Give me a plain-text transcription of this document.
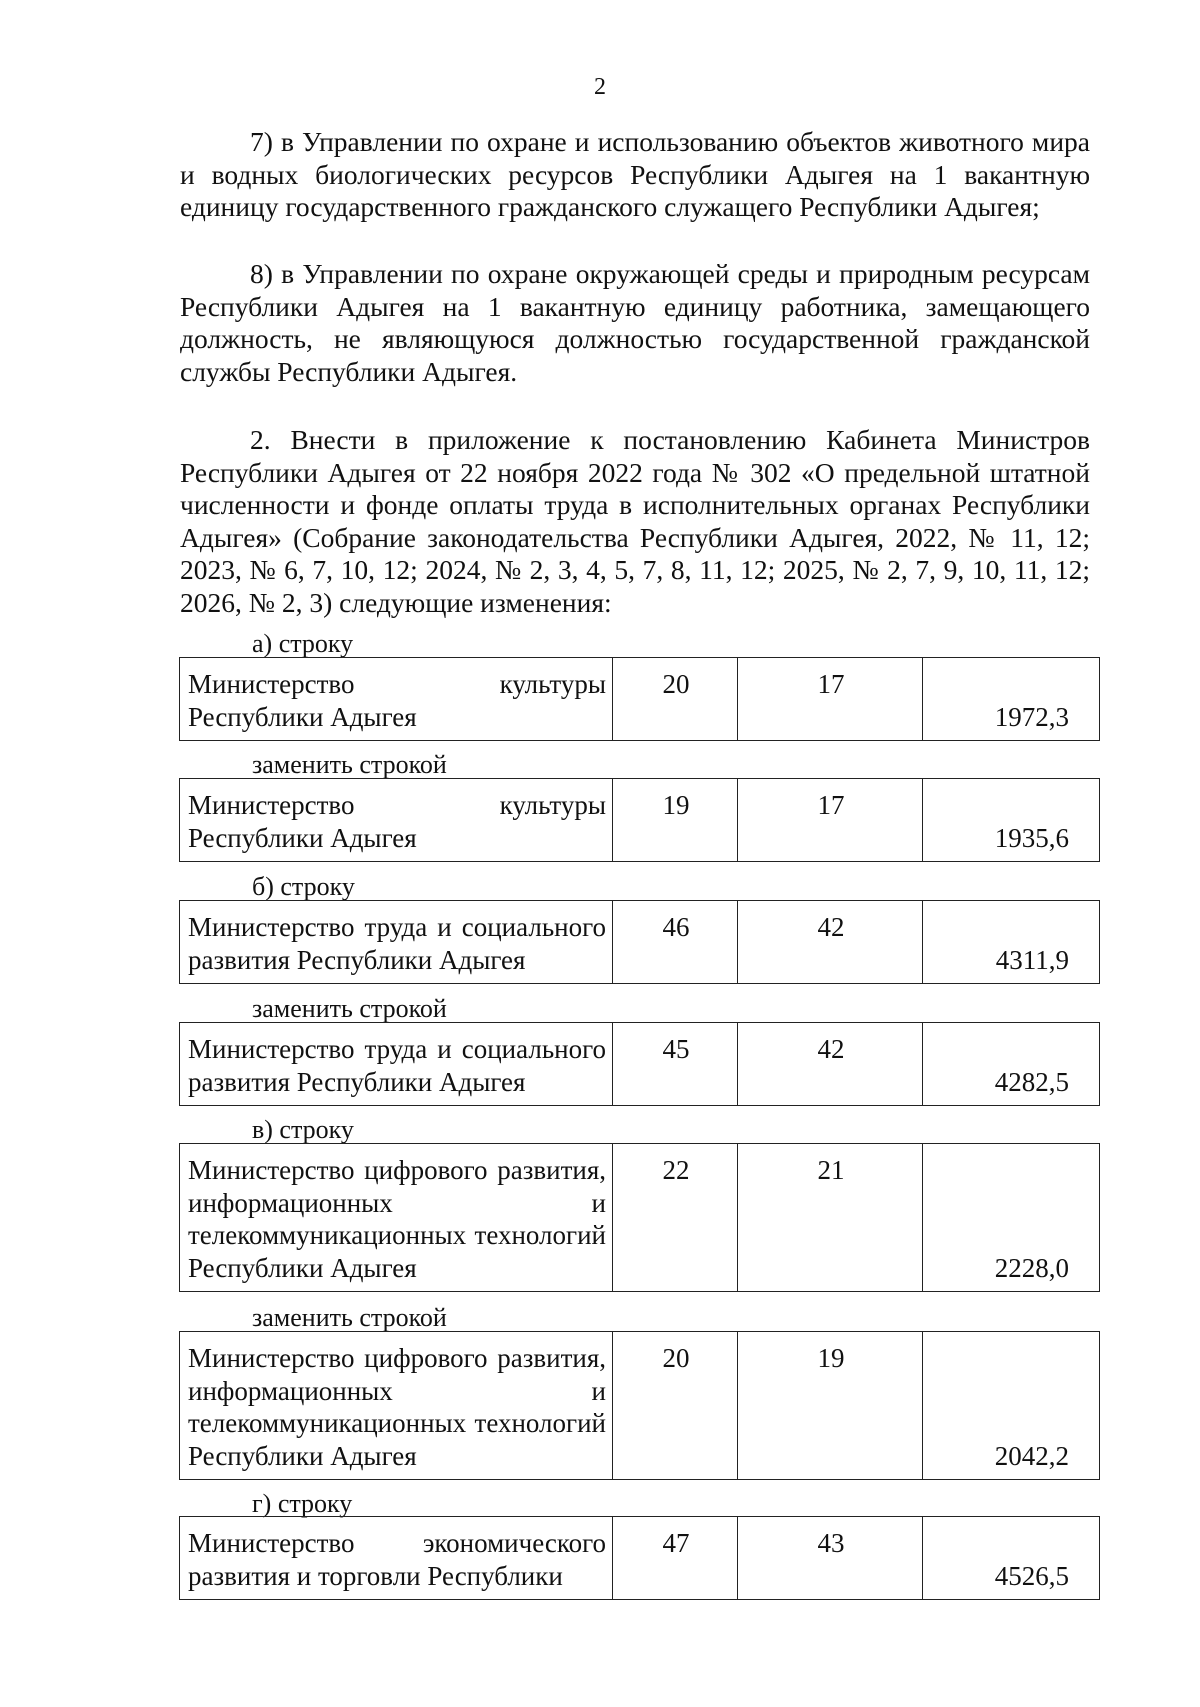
2

7) в Управлении по охране и использованию объектов животного мира и водных биологических ресурсов Республики Адыгея на 1 вакантную единицу государственного гражданского служащего Республики Адыгея;

8) в Управлении по охране окружающей среды и природным ресурсам Республики Адыгея на 1 вакантную единицу работника, замещающего должность, не являющуюся должностью государственной гражданской службы Республики Адыгея.

2. Внести в приложение к постановлению Кабинета Министров Республики Адыгея от 22 ноября 2022 года № 302 «О предельной штатной численности и фонде оплаты труда в исполнительных органах Республики Адыгея» (Собрание законодательства Республики Адыгея, 2022, № 11, 12; 2023, № 6, 7, 10, 12; 2024, № 2, 3, 4, 5, 7, 8, 11, 12; 2025, № 2, 7, 9, 10, 11, 12; 2026, № 2, 3) следующие изменения:

а) строку

Министерство культуры Республики Адыгея	20	17	1972,3

заменить строкой

Министерство культуры Республики Адыгея	19	17	1935,6

б) строку

Министерство труда и социального развития Республики Адыгея	46	42	4311,9

заменить строкой

Министерство труда и социального развития Республики Адыгея	45	42	4282,5

в) строку

Министерство цифрового развития, информационных и телекоммуникационных технологий Республики Адыгея	22	21	2228,0

заменить строкой

Министерство цифрового развития, информационных и телекоммуникационных технологий Республики Адыгея	20	19	2042,2

г) строку

Министерство экономического развития и торговли Республики	47	43	4526,5
